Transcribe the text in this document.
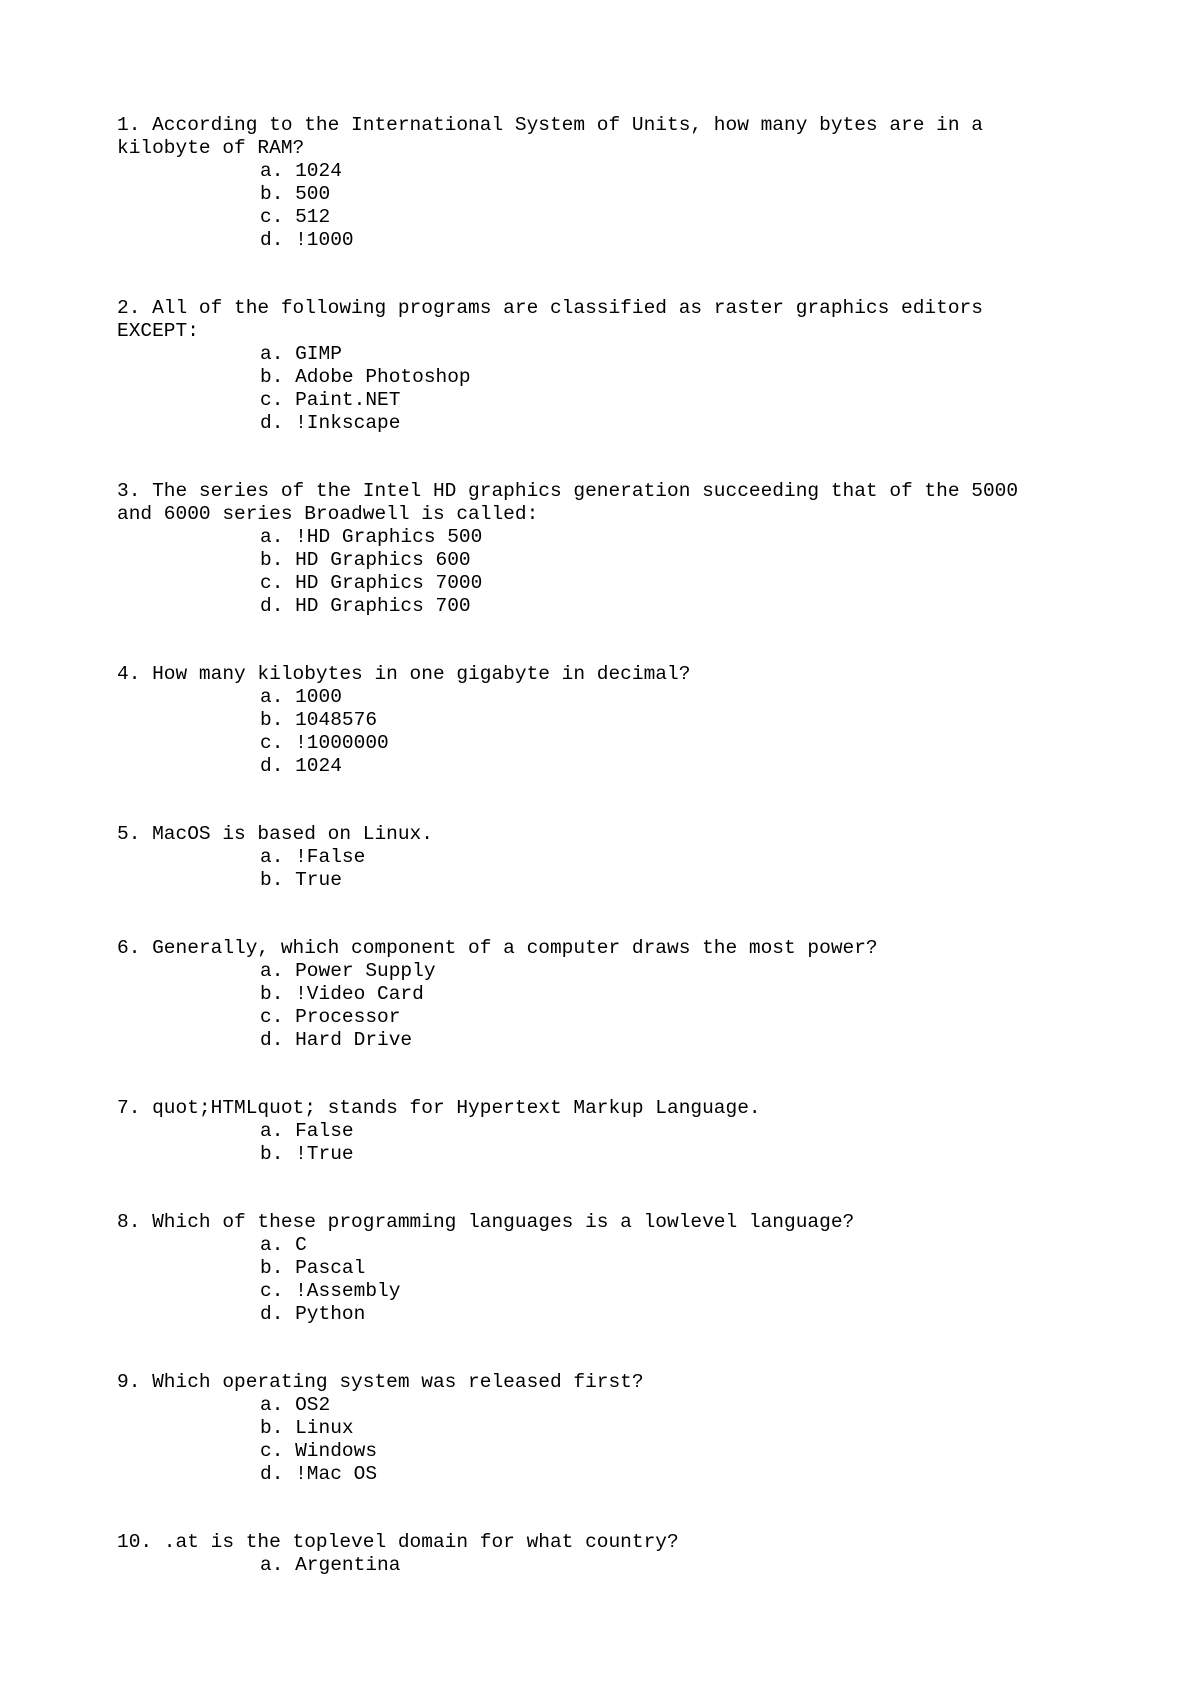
1. According to the International System of Units, how many bytes are in a
kilobyte of RAM?

a. 1024
b. 500
c. 512
d. !1000

2. All of the following programs are classified as raster graphics editors
EXCEPT:

a. GIMP
b. Adobe Photoshop
c. Paint.NET
d. !Inkscape

3. The series of the Intel HD graphics generation succeeding that of the 5000
and 6000 series Broadwell is called:

a. !HD Graphics 500
b. HD Graphics 600
c. HD Graphics 7000
d. HD Graphics 700

4. How many kilobytes in one gigabyte in decimal?

a. 1000
b. 1048576
c. !1000000
d. 1024

5. MacOS is based on Linux.

a. !False
b. True

6. Generally, which component of a computer draws the most power?

a. Power Supply
b. !Video Card
c. Processor
d. Hard Drive

7. quot;HTMLquot; stands for Hypertext Markup Language.

a. False
b. !True

8. Which of these programming languages is a lowlevel language?

a. C
b. Pascal
c. !Assembly
d. Python

9. Which operating system was released first?

a. OS2
b. Linux
c. Windows
d. !Mac OS

10. .at is the toplevel domain for what country?

a. Argentina
